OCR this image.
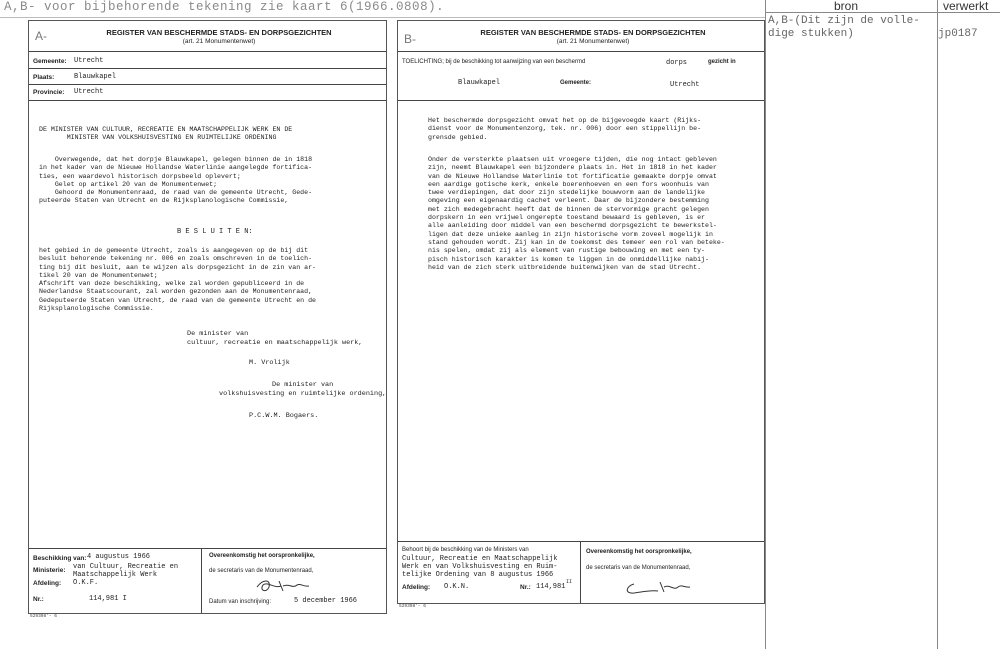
A,B- voor bijbehorende tekening zie kaart 6(1966.0808).	bron	verwerkt
A,B-(Dit zijn de volle-
dige stukken)	jp0187
A-	REGISTER VAN BESCHERMDE STADS- EN DORPSGEZICHTEN
(art. 21 Monumentenwet)
Gemeente: Utrecht
Plaats:	Blauwkapel
Provincie: Utrecht
DE MINISTER VAN CULTUUR, RECREATIE EN MAATSCHAPPELIJK WERK EN DE
MINISTER VAN VOLKSHUISVESTING EN RUIMTELIJKE ORDENING
Overwegende, dat het dorpje Blauwkapel, gelegen binnen de in 1818
in het kader van de Nieuwe Hollandse Waterlinie aangelegde fortifica-
ties, een waardevol historisch dorpsbeeld oplevert;
Gelet op artikel 20 van de Monumentenwet;
Gehoord de Monumentenraad, de raad van de gemeente Utrecht, Gede-
puteerde Staten van Utrecht en de Rijksplanologische Commissie,
B E S L U I T E N:
het gebied in de gemeente Utrecht, zoals is aangegeven op de bij dit
besluit behorende tekening nr. 006 en zoals omschreven in de toelich-
ting bij dit besluit, aan te wijzen als dorpsgezicht in de zin van ar-
tikel 20 van de Monumentenwet;
Afschrift van deze beschikking, welke zal worden gepubliceerd in de
Nederlandse Staatscourant, zal worden gezonden aan de Monumentenraad,
Gedeputeerde Staten van Utrecht, de raad van de gemeente Utrecht en de
Rijksplanologische Commissie.
De minister van
cultuur, recreatie en maatschappelijk werk,
M. Vrolijk
De minister van
volkshuisvesting en ruimtelijke ordening,
P.C.W.M. Bogaers.
Beschikking van: 4 augustus 1966
Ministerie: van Cultuur, Recreatie en
Maatschappelijk Werk
Afdeling: O.K.F.
Nr.:	114,981 I
Overeenkomstig het oorspronkelijke,
de secretaris van de Monumentenraad,
Datum van inschrijving:	5 december 1966
529398'- 6
B-	REGISTER VAN BESCHERMDE STADS- EN DORPSGEZICHTEN
(art. 21 Monumentenwet)
TOELICHTING; bij de beschikking tot aanwijzing van een beschermd	dorps	gezicht in
Blauwkapel	Gemeente:	Utrecht
Het beschermde dorpsgezicht omvat het op de bijgevoegde kaart (Rijks-
dienst voor de Monumentenzorg, tek. nr. 006) door een stippellijn be-
grensde gebied.
Onder de versterkte plaatsen uit vroegere tijden, die nog intact gebleven
zijn, neemt Blauwkapel een bijzondere plaats in. Het in 1818 in het kader
van de Nieuwe Hollandse Waterlinie tot fortificatie gemaakte dorpje omvat
een aardige gotische kerk, enkele boerenhoeven en een fors woonhuis van
twee verdiepingen, dat door zijn stedelijke bouwvorm aan de landelijke
omgeving een eigenaardig cachet verleent. Daar de bijzondere bestemming
met zich medegebracht heeft dat de binnen de stervormige gracht gelegen
dorpskern in een vrijwel ongerepte toestand bewaard is gebleven, is er
alle aanleiding door middel van een beschermd dorpsgezicht te bewerkstel-
ligen dat deze unieke aanleg in zijn historische vorm zoveel mogelijk in
stand gehouden wordt. Zij kan in de toekomst des temeer een rol van beteke-
nis spelen, omdat zij als element van rustige bebouwing en met een ty-
pisch historisch karakter is komen te liggen in de onmiddellijke nabij-
heid van de zich sterk uitbreidende buitenwijken van de stad Utrecht.
Behoort bij de beschikking van de Ministers van
Cultuur, Recreatie en Maatschappelijk
Werk en van Volkshuisvesting en Ruim-
telijke Ordening van 8 augustus 1966
Afdeling: O.K.N.	Nr.: 114,981
II
Overeenkomstig het oorspronkelijke,
de secretaris van de Monumentenraad,
529398'- 6
